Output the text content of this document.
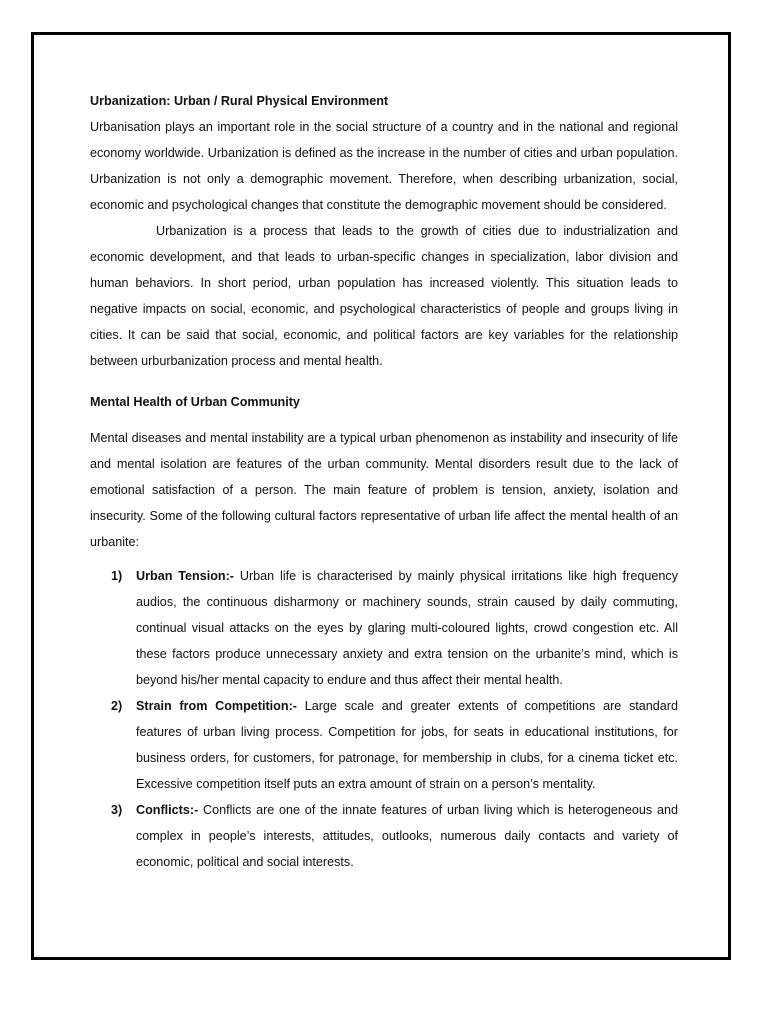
Urbanization: Urban / Rural Physical Environment

Urbanisation plays an important role in the social structure of a country and in the national and regional economy worldwide. Urbanization is defined as the increase in the number of cities and urban population. Urbanization is not only a demographic movement. Therefore, when describing urbanization, social, economic and psychological changes that constitute the demographic movement should be considered.

Urbanization is a process that leads to the growth of cities due to industrialization and economic development, and that leads to urban-specific changes in specialization, labor division and human behaviors. In short period, urban population has increased violently. This situation leads to negative impacts on social, economic, and psychological characteristics of people and groups living in cities. It can be said that social, economic, and political factors are key variables for the relationship between urburbanization process and mental health.

Mental Health of Urban Community

Mental diseases and mental instability are a typical urban phenomenon as instability and insecurity of life and mental isolation are features of the urban community. Mental disorders result due to the lack of emotional satisfaction of a person. The main feature of problem is tension, anxiety, isolation and insecurity. Some of the following cultural factors representative of urban life affect the mental health of an urbanite:

1) Urban Tension:- Urban life is characterised by mainly physical irritations like high frequency audios, the continuous disharmony or machinery sounds, strain caused by daily commuting, continual visual attacks on the eyes by glaring multi-coloured lights, crowd congestion etc. All these factors produce unnecessary anxiety and extra tension on the urbanite’s mind, which is beyond his/her mental capacity to endure and thus affect their mental health.
2) Strain from Competition:- Large scale and greater extents of competitions are standard features of urban living process. Competition for jobs, for seats in educational institutions, for business orders, for customers, for patronage, for membership in clubs, for a cinema ticket etc. Excessive competition itself puts an extra amount of strain on a person’s mentality.
3) Conflicts:- Conflicts are one of the innate features of urban living which is heterogeneous and complex in people’s interests, attitudes, outlooks, numerous daily contacts and variety of economic, political and social interests.
